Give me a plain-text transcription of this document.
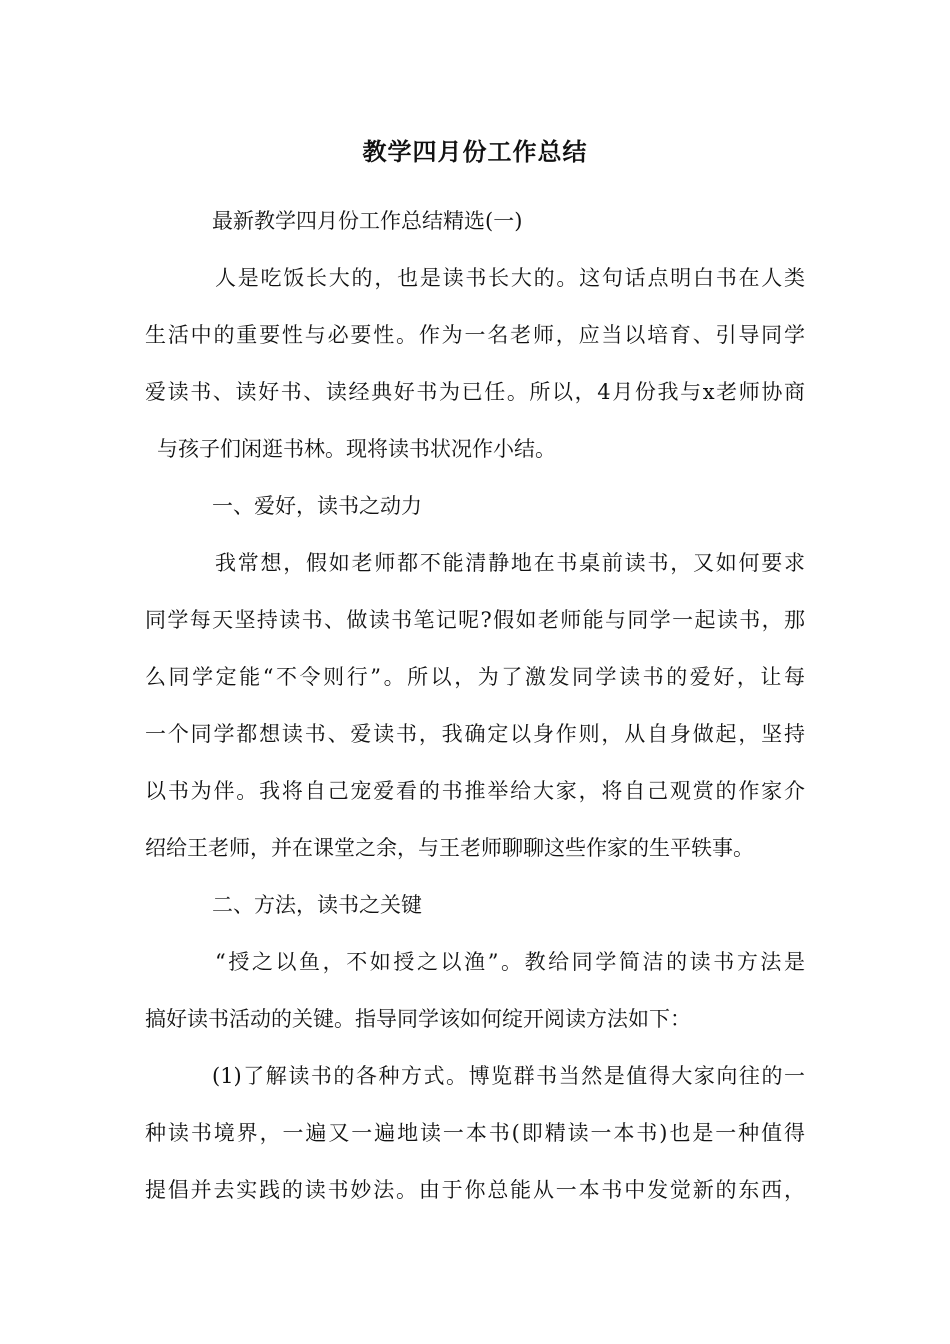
教学四月份工作总结
最新教学四月份工作总结精选(一)
人是吃饭长大的，也是读书长大的。这句话点明白书在人类
生活中的重要性与必要性。作为一名老师，应当以培育、引导同学
爱读书、读好书、读经典好书为已任。所以，4月份我与x老师协商
与孩子们闲逛书林。现将读书状况作小结。
一、爱好，读书之动力
我常想，假如老师都不能清静地在书桌前读书，又如何要求
同学每天坚持读书、做读书笔记呢?假如老师能与同学一起读书，那
么同学定能“不令则行”。所以，为了激发同学读书的爱好，让每
一个同学都想读书、爱读书，我确定以身作则，从自身做起，坚持
以书为伴。我将自己宠爱看的书推举给大家，将自己观赏的作家介
绍给王老师，并在课堂之余，与王老师聊聊这些作家的生平轶事。
二、方法，读书之关键
“授之以鱼，不如授之以渔”。教给同学简洁的读书方法是
搞好读书活动的关键。指导同学该如何绽开阅读方法如下：
(1)了解读书的各种方式。博览群书当然是值得大家向往的一
种读书境界，一遍又一遍地读一本书(即精读一本书)也是一种值得
提倡并去实践的读书妙法。由于你总能从一本书中发觉新的东西，
